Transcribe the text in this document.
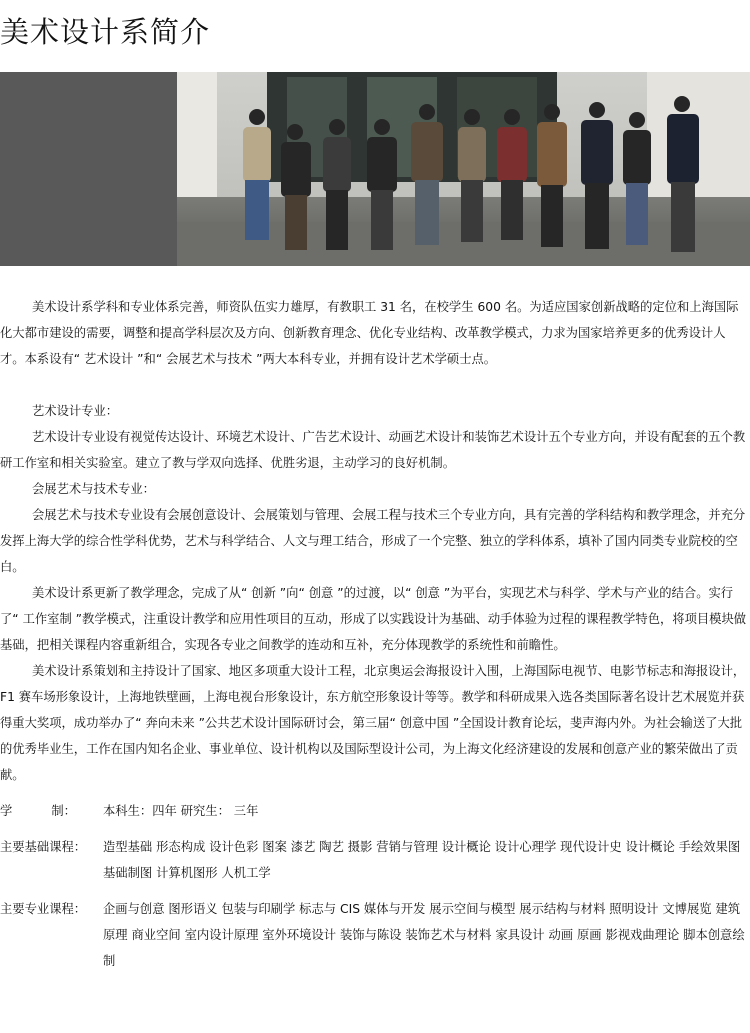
美术设计系简介

美术设计系学科和专业体系完善，师资队伍实力雄厚，有教职工 31 名，在校学生 600 名。为适应国家创新战略的定位和上海国际化大都市建设的需要，调整和提高学科层次及方向、创新教育理念、优化专业结构、改革教学模式，力求为国家培养更多的优秀设计人才。本系设有“ 艺术设计 ”和“ 会展艺术与技术 ”两大本科专业，并拥有设计艺术学硕士点。

艺术设计专业：

艺术设计专业设有视觉传达设计、环境艺术设计、广告艺术设计、动画艺术设计和装饰艺术设计五个专业方向，并设有配套的五个教研工作室和相关实验室。建立了教与学双向选择、优胜劣退，主动学习的良好机制。

会展艺术与技术专业：

会展艺术与技术专业设有会展创意设计、会展策划与管理、会展工程与技术三个专业方向，具有完善的学科结构和教学理念，并充分发挥上海大学的综合性学科优势，艺术与科学结合、人文与理工结合，形成了一个完整、独立的学科体系，填补了国内同类专业院校的空白。

美术设计系更新了教学理念，完成了从“ 创新 ”向“ 创意 ”的过渡，以“ 创意 ”为平台，实现艺术与科学、学术与产业的结合。实行了“ 工作室制 ”教学模式，注重设计教学和应用性项目的互动，形成了以实践设计为基础、动手体验为过程的课程教学特色，将项目模块做基础，把相关课程内容重新组合，实现各专业之间教学的连动和互补，充分体现教学的系统性和前瞻性。

美术设计系策划和主持设计了国家、地区多项重大设计工程，北京奥运会海报设计入围，上海国际电视节、电影节标志和海报设计，F1 赛车场形象设计，上海地铁壁画，上海电视台形象设计，东方航空形象设计等等。教学和科研成果入选各类国际著名设计艺术展览并获得重大奖项，成功举办了“ 奔向未来 ”公共艺术设计国际研讨会，第三届“ 创意中国 ”全国设计教育论坛，斐声海内外。为社会输送了大批的优秀毕业生，工作在国内知名企业、事业单位、设计机构以及国际型设计公司，为上海文化经济建设的发展和创意产业的繁荣做出了贡献。

学          制：	本科生：四年 研究生： 三年
主要基础课程：	造型基础 形态构成 设计色彩 图案 漆艺 陶艺 摄影 营销与管理 设计概论 设计心理学 现代设计史 设计概论 手绘效果图 基础制图 计算机图形 人机工学
主要专业课程：	企画与创意 图形语义 包装与印刷学 标志与 CIS 媒体与开发 展示空间与模型 展示结构与材料 照明设计 文博展览 建筑原理 商业空间 室内设计原理 室外环境设计 装饰与陈设 装饰艺术与材料 家具设计 动画 原画 影视戏曲理论 脚本创意绘制
